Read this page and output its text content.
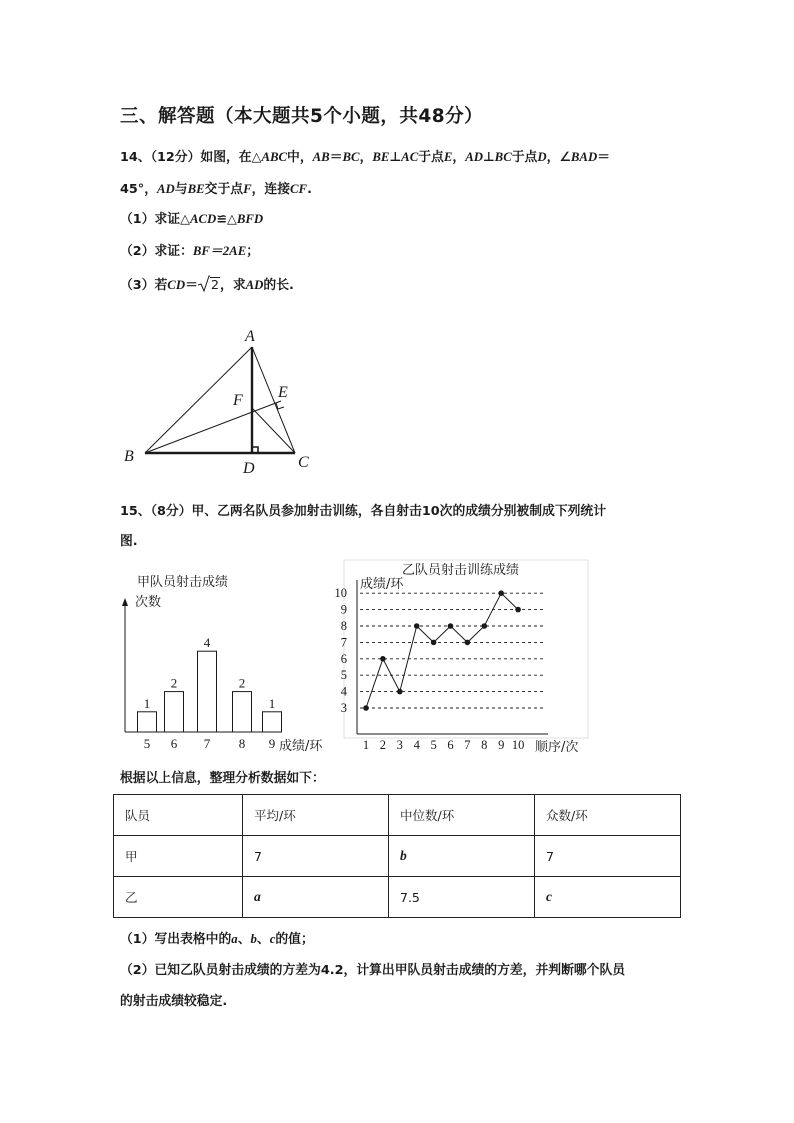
三、解答题（本大题共5个小题，共48分）
14、（12分）如图，在△ABC中，AB＝BC，BE⊥AC于点E，AD⊥BC于点D，∠BAD＝
45°，AD与BE交于点F，连接CF.
（1）求证△ACD≌△BFD
（2）求证：BF＝2AE；
（3）若CD＝ 2，求AD的长.
A
B	C
D
E
F
15、（8分）甲、乙两名队员参加射击训练，各自射击10次的成绩分别被制成下列统计
图.
甲队员射击成绩
次数
成绩/环
1
5
2
6
4
7
2
8
1
9
乙队员射击训练成绩
成绩/环
顺序/次
3
4
5
6
7
8
9
10
1 2 3 4 5 6 7 8 9 10
根据以上信息，整理分析数据如下：
队员	平均/环	中位数/环	众数/环
甲	7	b	7
乙	a	7.5	c
（1）写出表格中的a、b、c的值；
（2）已知乙队员射击成绩的方差为4.2，计算出甲队员射击成绩的方差，并判断哪个队员
的射击成绩较稳定.
